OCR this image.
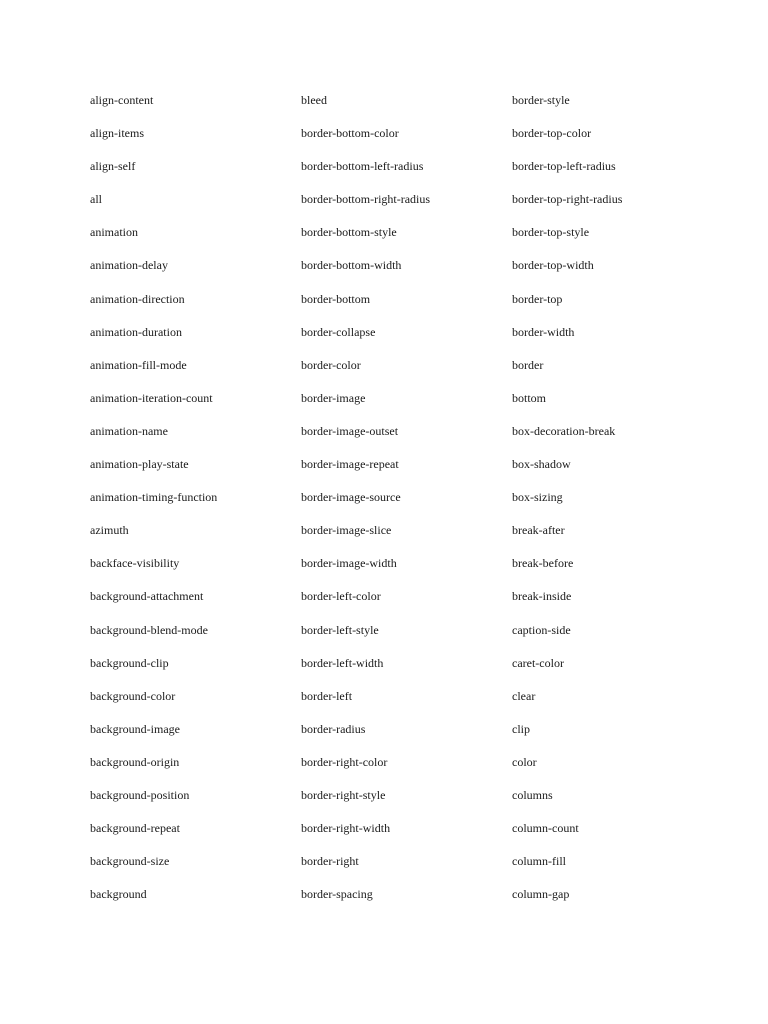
align-content
align-items
align-self
all
animation
animation-delay
animation-direction
animation-duration
animation-fill-mode
animation-iteration-count
animation-name
animation-play-state
animation-timing-function
azimuth
backface-visibility
background-attachment
background-blend-mode
background-clip
background-color
background-image
background-origin
background-position
background-repeat
background-size
background
bleed
border-bottom-color
border-bottom-left-radius
border-bottom-right-radius
border-bottom-style
border-bottom-width
border-bottom
border-collapse
border-color
border-image
border-image-outset
border-image-repeat
border-image-source
border-image-slice
border-image-width
border-left-color
border-left-style
border-left-width
border-left
border-radius
border-right-color
border-right-style
border-right-width
border-right
border-spacing
border-style
border-top-color
border-top-left-radius
border-top-right-radius
border-top-style
border-top-width
border-top
border-width
border
bottom
box-decoration-break
box-shadow
box-sizing
break-after
break-before
break-inside
caption-side
caret-color
clear
clip
color
columns
column-count
column-fill
column-gap
